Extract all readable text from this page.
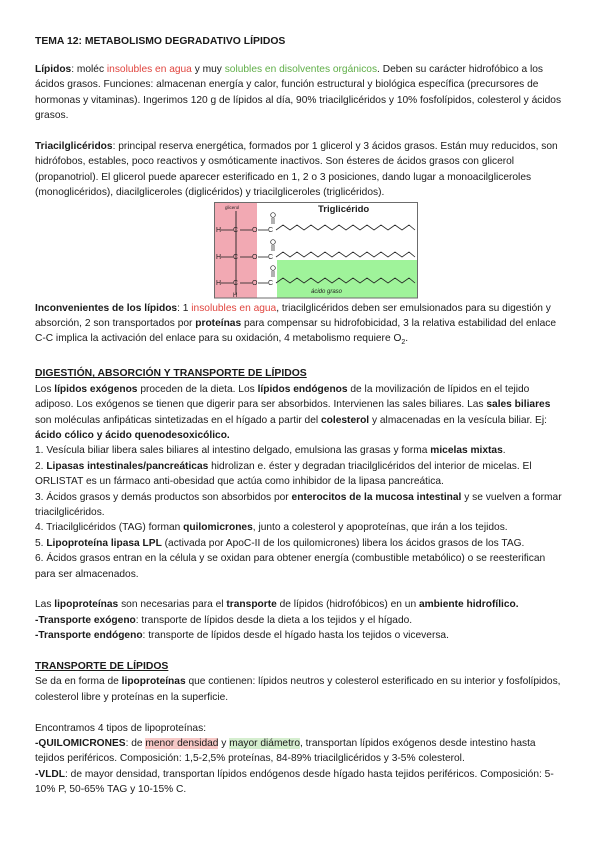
TEMA 12: METABOLISMO DEGRADATIVO LÍPIDOS

Lípidos: moléc insolubles en agua y muy solubles en disolventes orgánicos. Deben su carácter hidrofóbico a los ácidos grasos. Funciones: almacenan energía y calor, función estructural y biológica específica (precursores de hormonas y vitaminas). Ingerimos 120 g de lípidos al día, 90% triacilglicéridos y 10% fosfolípidos, colesterol y ácidos grasos.

Triacilglicéridos: principal reserva energética, formados por 1 glicerol y 3 ácidos grasos. Están muy reducidos, son hidrófobos, estables, poco reactivos y osmóticamente inactivos. Son ésteres de ácidos grasos con glicerol (propanotriol). El glicerol puede aparecer esterificado en 1, 2 o 3 posiciones, dando lugar a monoacilgliceroles (monoglicéridos), diacilgliceroles (diglicéridos) y triacilgliceroles (triglicéridos).

glicerol	Triglicérido
ácido graso
H C O C
H C O C
H C O C
H

Inconvenientes de los lípidos: 1 insolubles en agua, triacilglicéridos deben ser emulsionados para su digestión y absorción, 2 son transportados por proteínas para compensar su hidrofobicidad, 3 la relativa estabilidad del enlace C-C implica la activación del enlace para su oxidación, 4 metabolismo requiere $O_2$.

DIGESTIÓN, ABSORCIÓN Y TRANSPORTE DE LÍPIDOS

Los lípidos exógenos proceden de la dieta. Los lípidos endógenos de la movilización de lípidos en el tejido adiposo. Los exógenos se tienen que digerir para ser absorbidos. Intervienen las sales biliares. Las sales biliares son moléculas anfipáticas sintetizadas en el hígado a partir del colesterol y almacenadas en la vesícula biliar. Ej: ácido cólico y ácido quenodesoxicólico.

1. Vesícula biliar libera sales biliares al intestino delgado, emulsiona las grasas y forma micelas mixtas.

2. Lipasas intestinales/pancreáticas hidrolizan e. éster y degradan triacilglicéridos del interior de micelas. El ORLISTAT es un fármaco anti-obesidad que actúa como inhibidor de la lipasa pancreática.

3. Ácidos grasos y demás productos son absorbidos por enterocitos de la mucosa intestinal y se vuelven a formar triacilglicéridos.

4. Triacilglicéridos (TAG) forman quilomicrones, junto a colesterol y apoproteínas, que irán a los tejidos.

5. Lipoproteína lipasa LPL (activada por ApoC-II de los quilomicrones) libera los ácidos grasos de los TAG.

6. Ácidos grasos entran en la célula y se oxidan para obtener energía (combustible metabólico) o se reesterifican para ser almacenados.

Las lipoproteínas son necesarias para el transporte de lípidos (hidrofóbicos) en un ambiente hidrofílico.

-Transporte exógeno: transporte de lípidos desde la dieta a los tejidos y el hígado.

-Transporte endógeno: transporte de lípidos desde el hígado hasta los tejidos o viceversa.

TRANSPORTE DE LÍPIDOS

Se da en forma de lipoproteínas que contienen: lípidos neutros y colesterol esterificado en su interior y fosfolípidos, colesterol libre y proteínas en la superficie.

Encontramos 4 tipos de lipoproteínas:

-QUILOMICRONES: de menor densidad y mayor diámetro, transportan lípidos exógenos desde intestino hasta tejidos periféricos. Composición: 1,5-2,5% proteínas, 84-89% triacilglicéridos y 3-5% colesterol.

-VLDL: de mayor densidad, transportan lípidos endógenos desde hígado hasta tejidos periféricos. Composición: 5-10% P, 50-65% TAG y 10-15% C.
